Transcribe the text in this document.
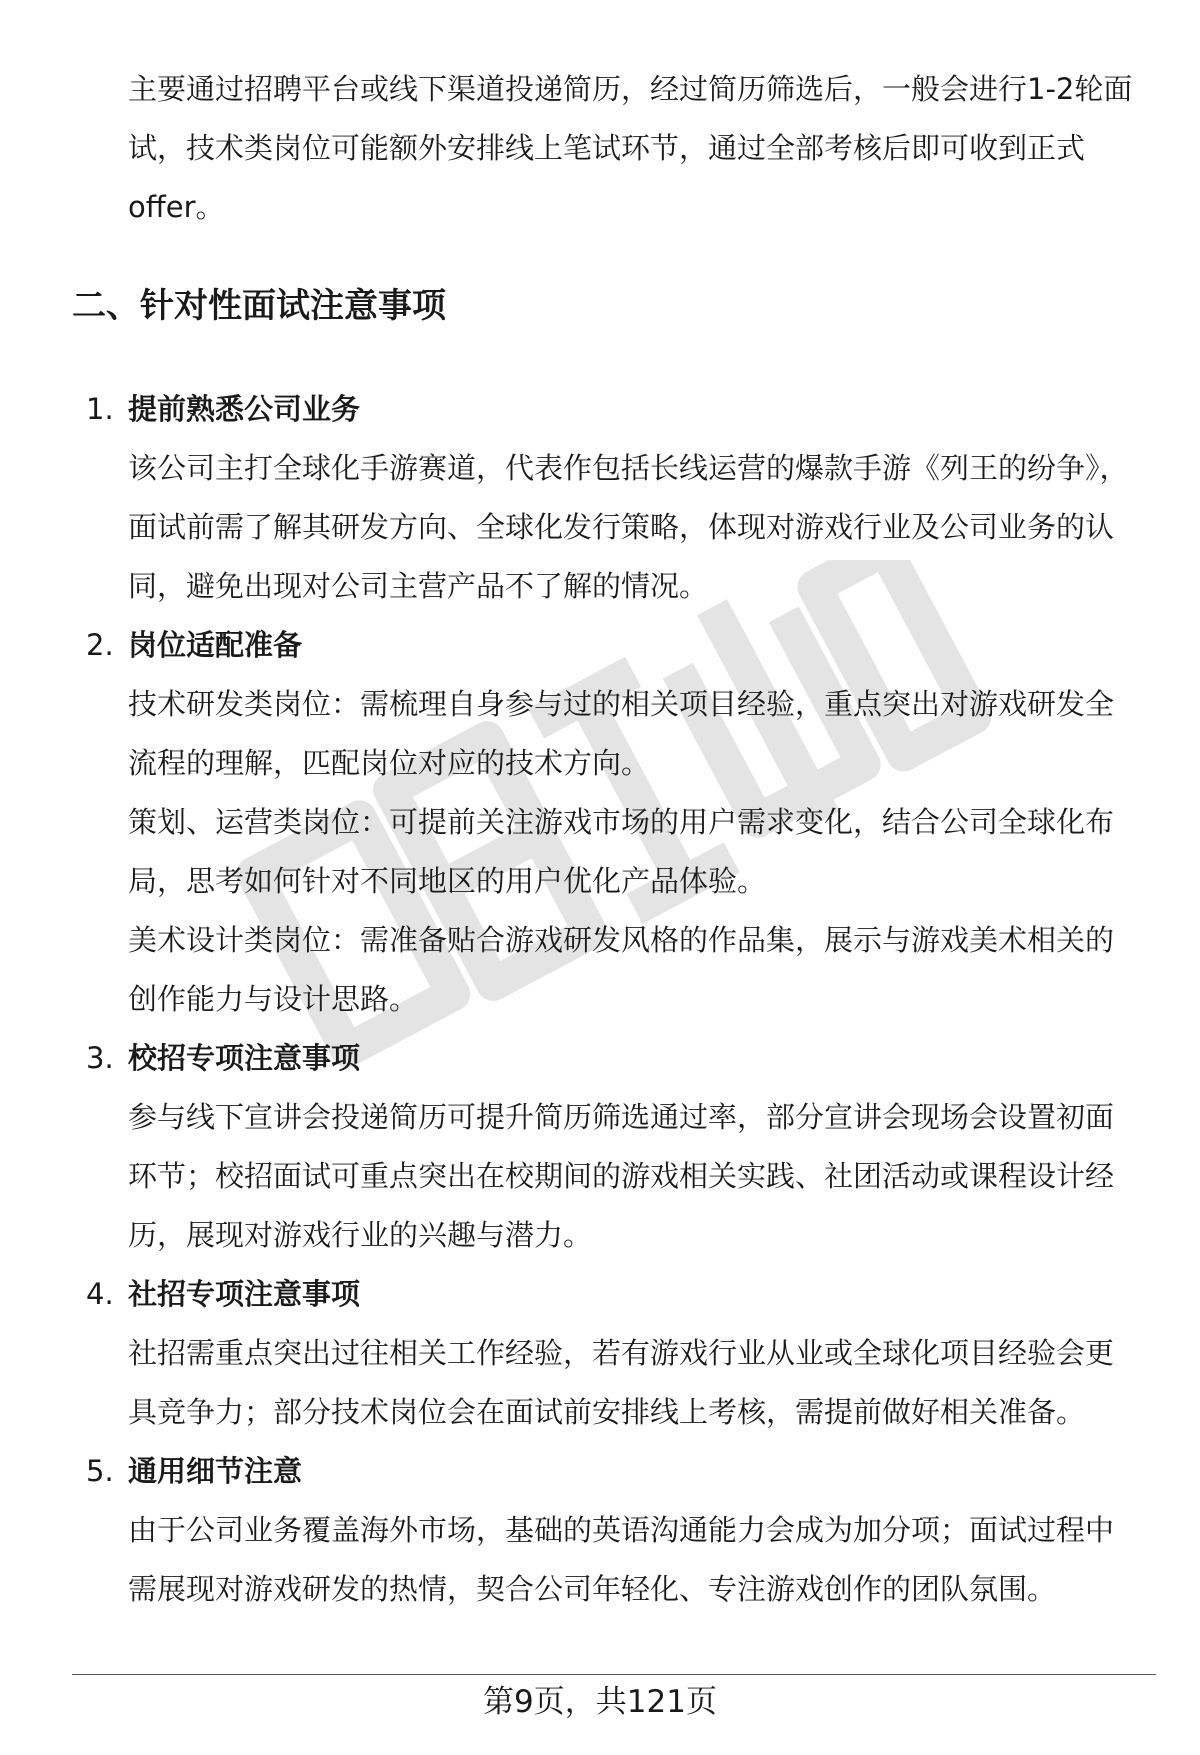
主要通过招聘平台或线下渠道投递简历，经过简历筛选后，一般会进行1-2轮面试，技术类岗位可能额外安排线上笔试环节，通过全部考核后即可收到正式offer。

二、针对性面试注意事项
1. 提前熟悉公司业务

该公司主打全球化手游赛道，代表作包括长线运营的爆款手游《列王的纷争》，面试前需了解其研发方向、全球化发行策略，体现对游戏行业及公司业务的认同，避免出现对公司主营产品不了解的情况。

2. 岗位适配准备

技术研发类岗位：需梳理自身参与过的相关项目经验，重点突出对游戏研发全流程的理解，匹配岗位对应的技术方向。

策划、运营类岗位：可提前关注游戏市场的用户需求变化，结合公司全球化布局，思考如何针对不同地区的用户优化产品体验。

美术设计类岗位：需准备贴合游戏研发风格的作品集，展示与游戏美术相关的创作能力与设计思路。

3. 校招专项注意事项

参与线下宣讲会投递简历可提升简历筛选通过率，部分宣讲会现场会设置初面环节；校招面试可重点突出在校期间的游戏相关实践、社团活动或课程设计经历，展现对游戏行业的兴趣与潜力。

4. 社招专项注意事项

社招需重点突出过往相关工作经验，若有游戏行业从业或全球化项目经验会更具竞争力；部分技术岗位会在面试前安排线上考核，需提前做好相关准备。

5. 通用细节注意

由于公司业务覆盖海外市场，基础的英语沟通能力会成为加分项；面试过程中需展现对游戏研发的热情，契合公司年轻化、专注游戏创作的团队氛围。

第9页，共121页
